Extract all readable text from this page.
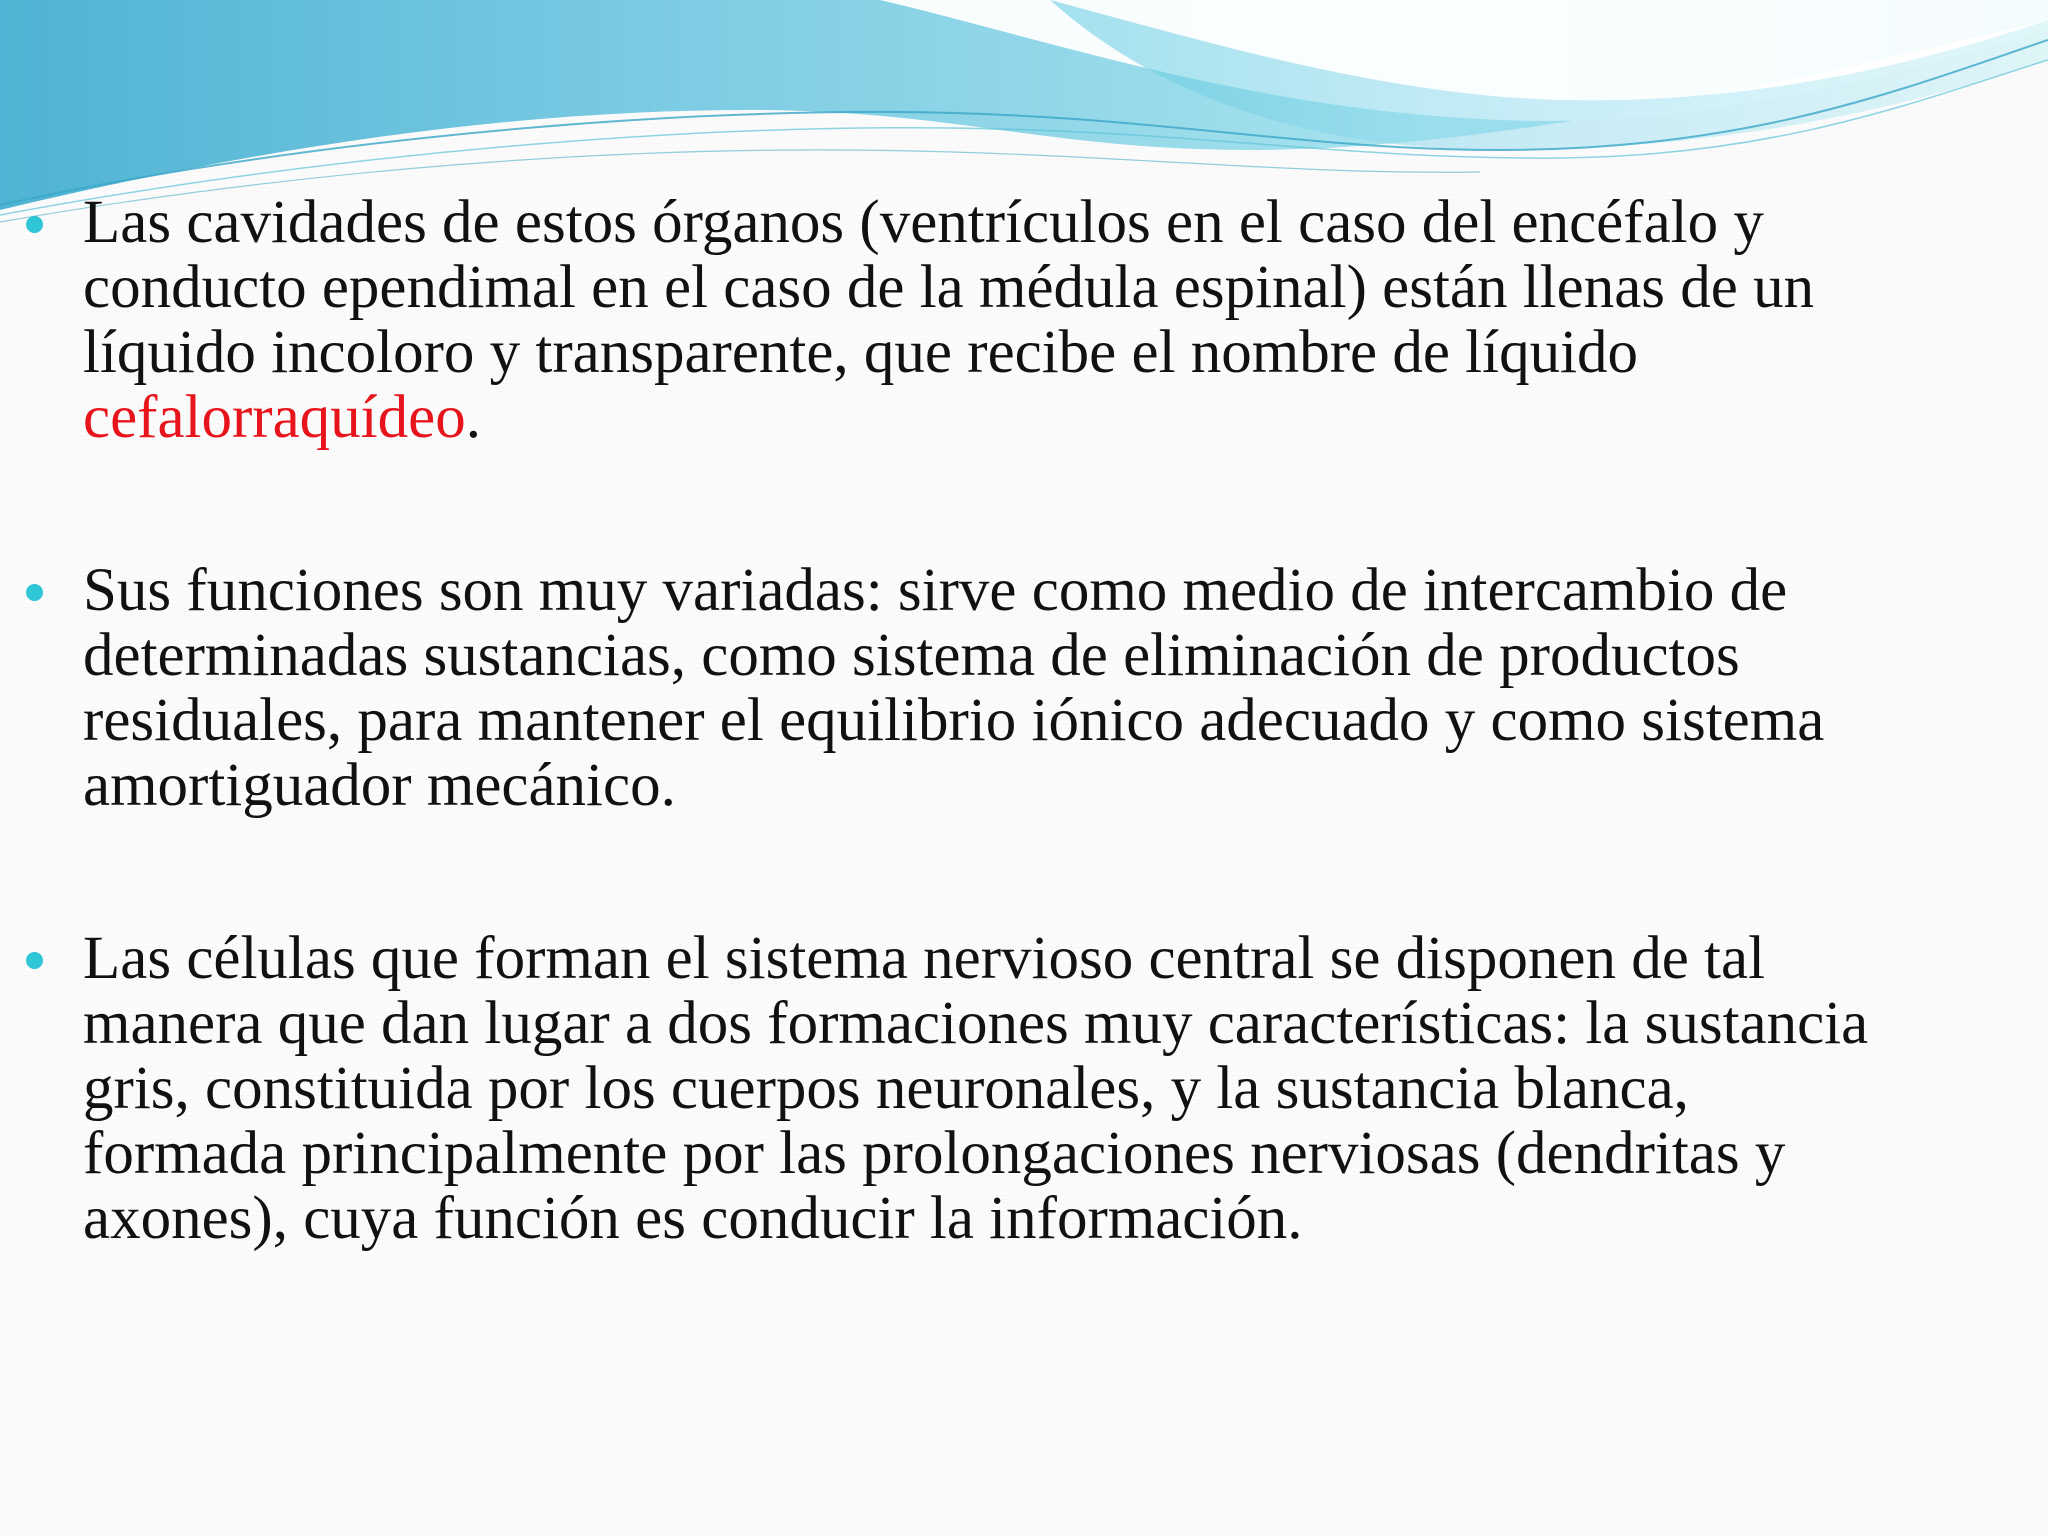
Las cavidades de estos órganos (ventrículos en el caso del encéfalo y conducto ependimal en el caso de la médula espinal) están llenas de un líquido incoloro y transparente, que recibe el nombre de líquido cefalorraquídeo.
Sus funciones son muy variadas: sirve como medio de intercambio de determinadas sustancias, como sistema de eliminación de productos residuales, para mantener el equilibrio iónico adecuado y como sistema amortiguador mecánico.
Las células que forman el sistema nervioso central se disponen de tal manera que dan lugar a dos formaciones muy características: la sustancia gris, constituida por los cuerpos neuronales, y la sustancia blanca, formada principalmente por las prolongaciones nerviosas (dendritas y axones), cuya función es conducir la información.
